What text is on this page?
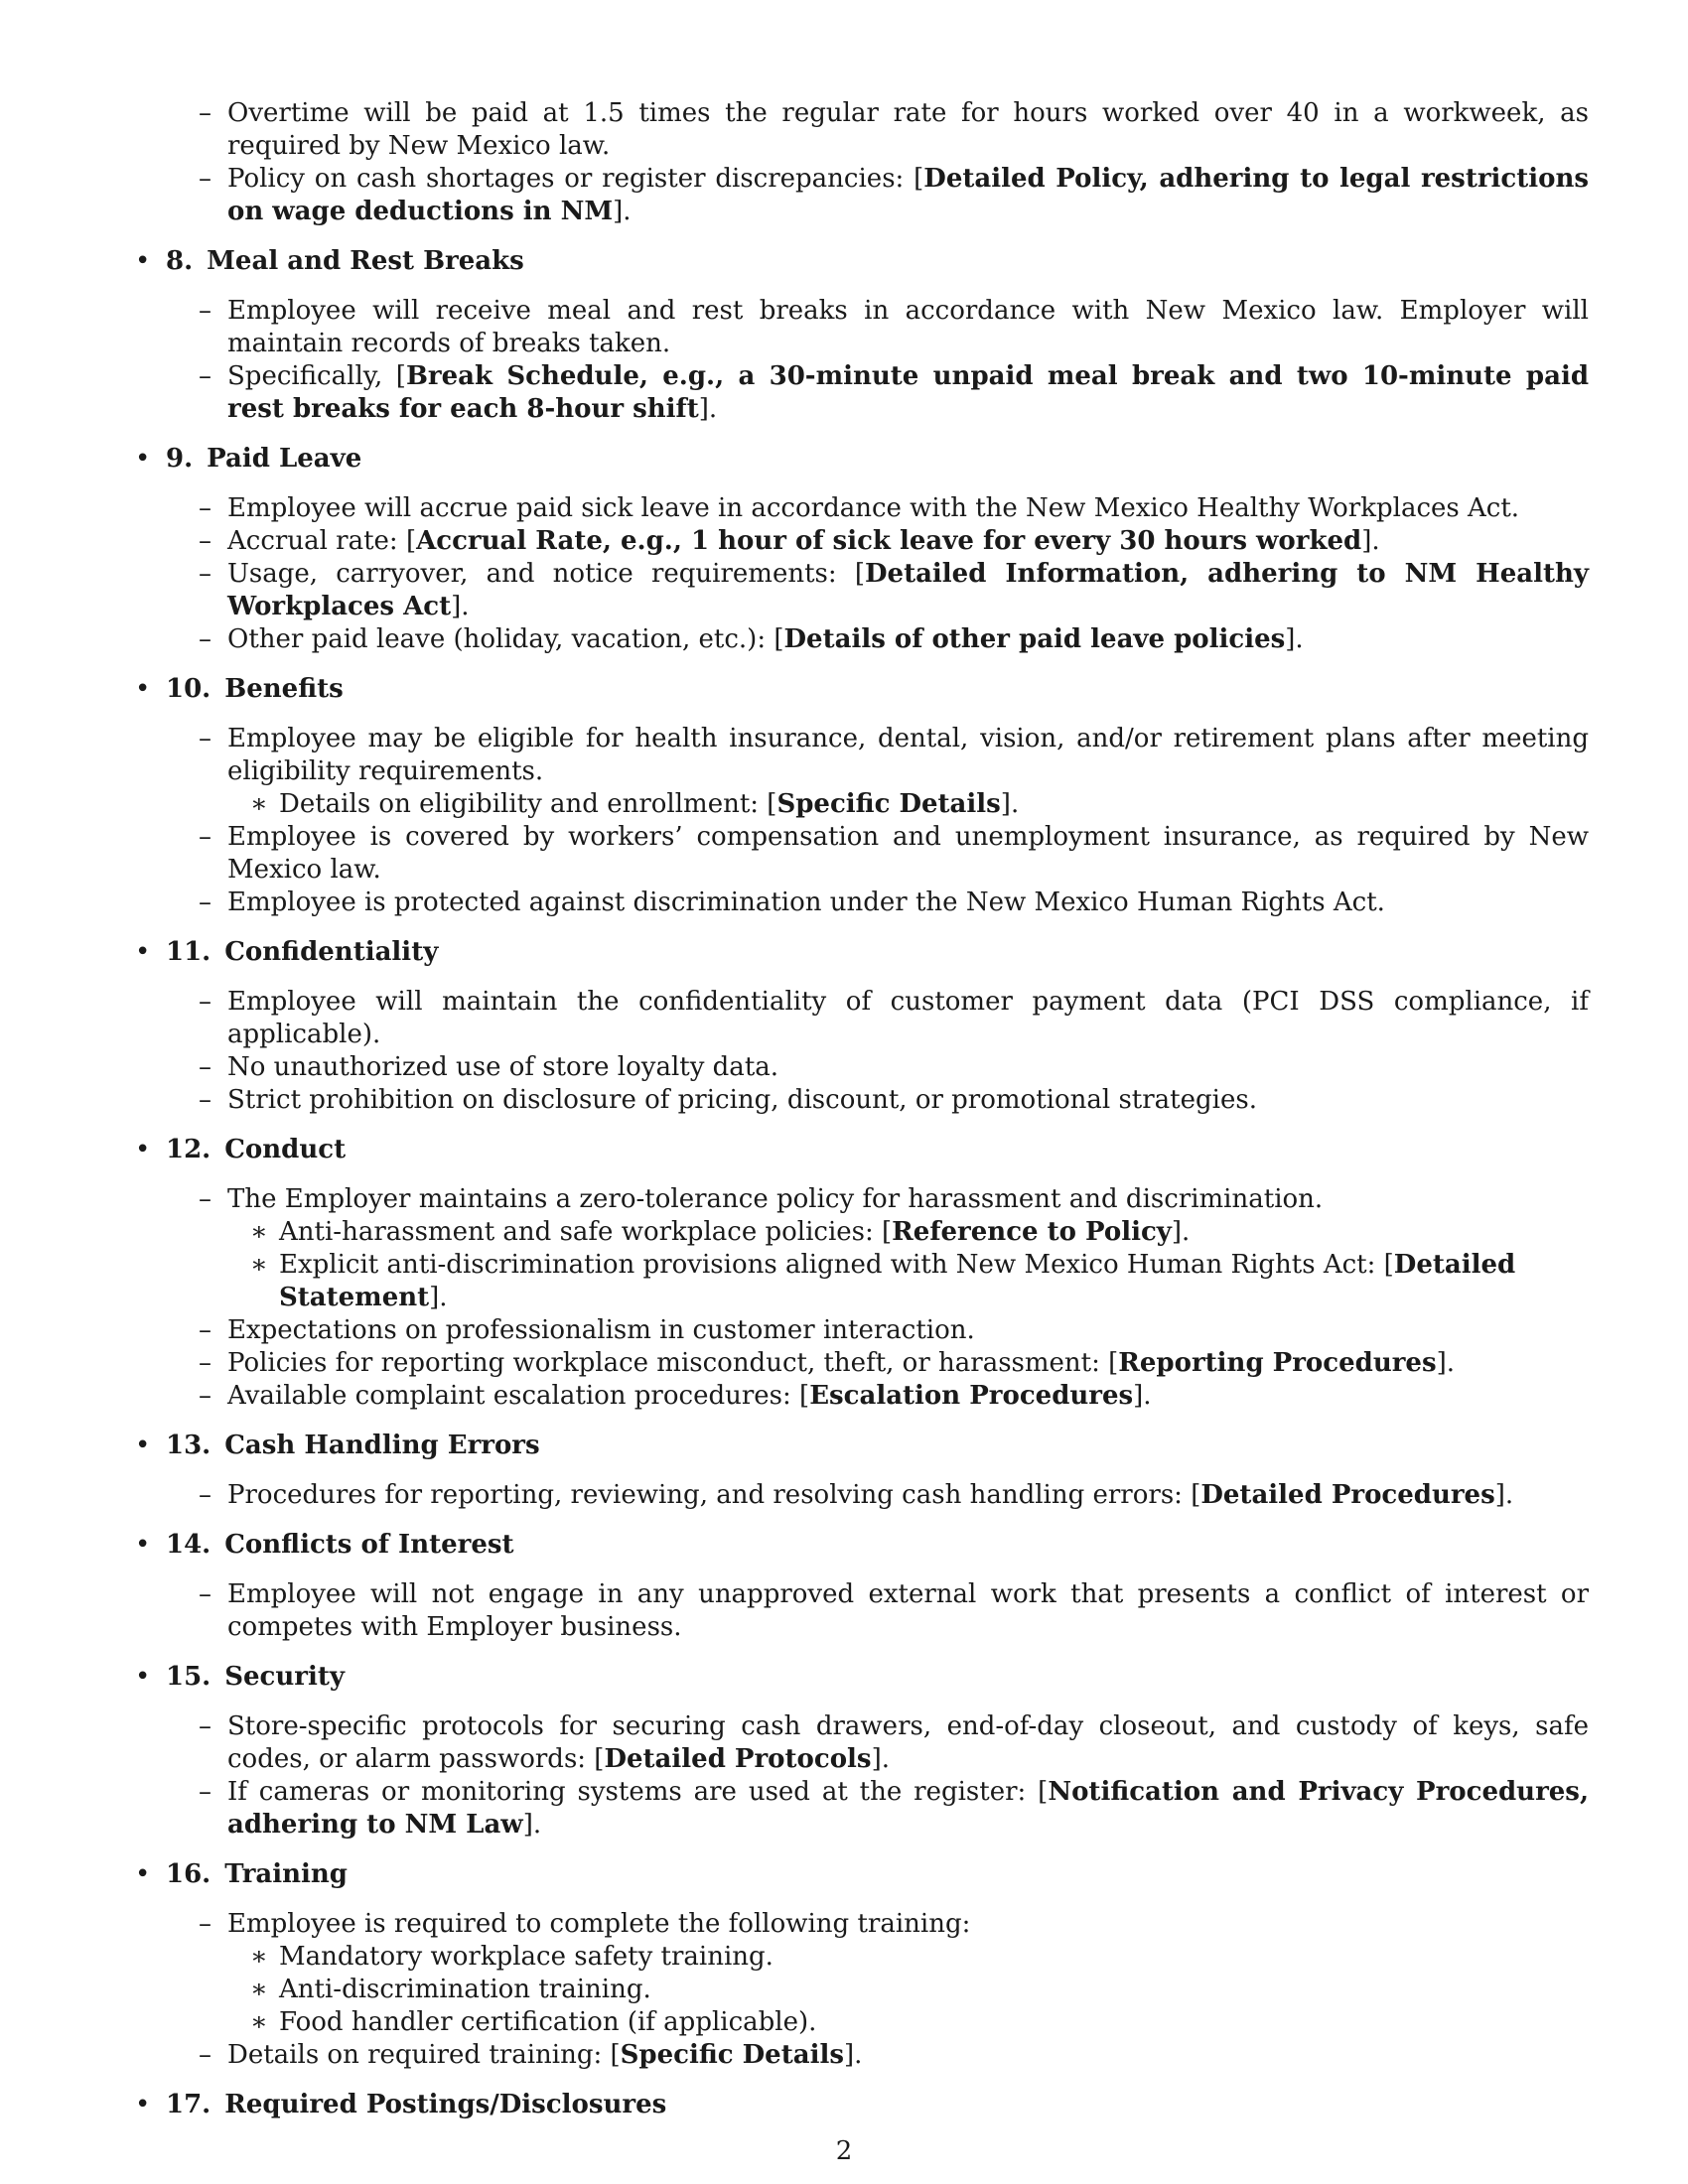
– Overtime will be paid at 1.5 times the regular rate for hours worked over 40 in a workweek, as required by New Mexico law.
– Policy on cash shortages or register discrepancies: [Detailed Policy, adhering to legal restrictions on wage deductions in NM].
• 8. Meal and Rest Breaks
– Employee will receive meal and rest breaks in accordance with New Mexico law. Employer will maintain records of breaks taken.
– Specifically, [Break Schedule, e.g., a 30-minute unpaid meal break and two 10-minute paid rest breaks for each 8-hour shift].
• 9. Paid Leave
– Employee will accrue paid sick leave in accordance with the New Mexico Healthy Workplaces Act.
– Accrual rate: [Accrual Rate, e.g., 1 hour of sick leave for every 30 hours worked].
– Usage, carryover, and notice requirements: [Detailed Information, adhering to NM Healthy Workplaces Act].
– Other paid leave (holiday, vacation, etc.): [Details of other paid leave policies].
• 10. Benefits
– Employee may be eligible for health insurance, dental, vision, and/or retirement plans after meeting eligibility requirements.
∗ Details on eligibility and enrollment: [Specific Details].
– Employee is covered by workers’ compensation and unemployment insurance, as required by New Mexico law.
– Employee is protected against discrimination under the New Mexico Human Rights Act.
• 11. Confidentiality
– Employee will maintain the confidentiality of customer payment data (PCI DSS compliance, if applicable).
– No unauthorized use of store loyalty data.
– Strict prohibition on disclosure of pricing, discount, or promotional strategies.
• 12. Conduct
– The Employer maintains a zero-tolerance policy for harassment and discrimination.
∗ Anti-harassment and safe workplace policies: [Reference to Policy].
∗ Explicit anti-discrimination provisions aligned with New Mexico Human Rights Act: [Detailed Statement].
– Expectations on professionalism in customer interaction.
– Policies for reporting workplace misconduct, theft, or harassment: [Reporting Procedures].
– Available complaint escalation procedures: [Escalation Procedures].
• 13. Cash Handling Errors
– Procedures for reporting, reviewing, and resolving cash handling errors: [Detailed Procedures].
• 14. Conflicts of Interest
– Employee will not engage in any unapproved external work that presents a conflict of interest or competes with Employer business.
• 15. Security
– Store-specific protocols for securing cash drawers, end-of-day closeout, and custody of keys, safe codes, or alarm passwords: [Detailed Protocols].
– If cameras or monitoring systems are used at the register: [Notification and Privacy Procedures, adhering to NM Law].
• 16. Training
– Employee is required to complete the following training:
∗ Mandatory workplace safety training.
∗ Anti-discrimination training.
∗ Food handler certification (if applicable).
– Details on required training: [Specific Details].
• 17. Required Postings/Disclosures
2
